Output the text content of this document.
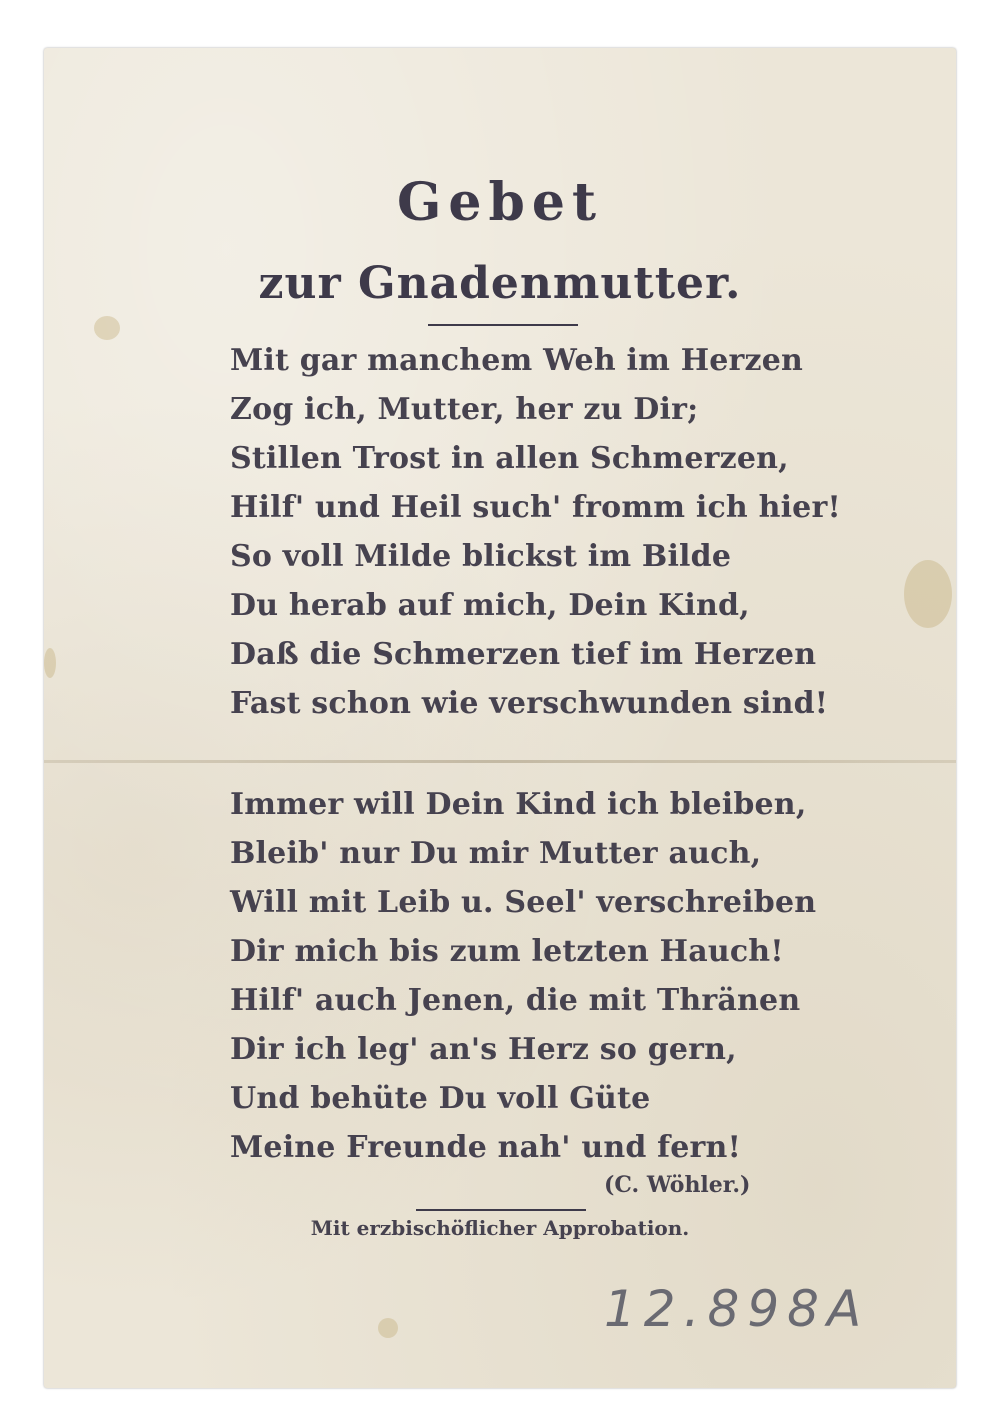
Gebet
zur Gnadenmutter.
Mit gar manchem Weh im Herzen
Zog ich, Mutter, her zu Dir;
Stillen Trost in allen Schmerzen,
Hilf' und Heil such' fromm ich hier!
So voll Milde blickst im Bilde
Du herab auf mich, Dein Kind,
Daß die Schmerzen tief im Herzen
Fast schon wie verschwunden sind!
Immer will Dein Kind ich bleiben,
Bleib' nur Du mir Mutter auch,
Will mit Leib u. Seel' verschreiben
Dir mich bis zum letzten Hauch!
Hilf' auch Jenen, die mit Thränen
Dir ich leg' an's Herz so gern,
Und behüte Du voll Güte
Meine Freunde nah' und fern!
(C. Wöhler.)
Mit erzbischöflicher Approbation.
12.898A
